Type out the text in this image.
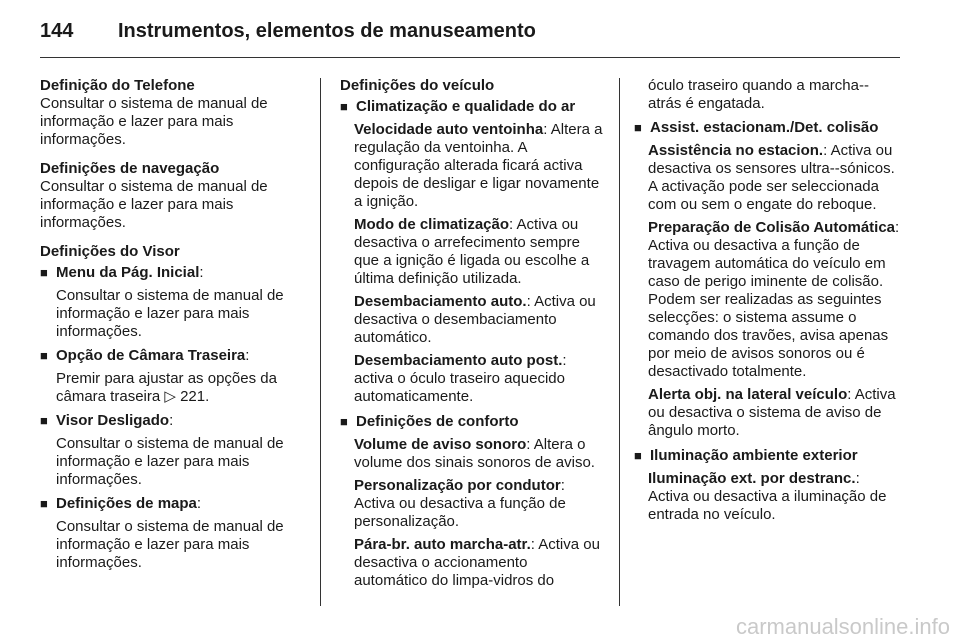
144 Instrumentos, elementos de manuseamento

Definição do Telefone

Consultar o sistema de manual de informação e lazer para mais informações.

Definições de navegação

Consultar o sistema de manual de informação e lazer para mais informações.

Definições do Visor

■ Menu da Pág. Inicial:

Consultar o sistema de manual de informação e lazer para mais informações.

■ Opção de Câmara Traseira:

Premir para ajustar as opções da câmara traseira ▷ 221.

■ Visor Desligado:

Consultar o sistema de manual de informação e lazer para mais informações.

■ Definições de mapa:

Consultar o sistema de manual de informação e lazer para mais informações.

Definições do veículo

■ Climatização e qualidade do ar

Velocidade auto ventoinha: Altera a regulação da ventoinha. A configuração alterada ficará activa depois de desligar e ligar novamente a ignição.

Modo de climatização: Activa ou desactiva o arrefecimento sempre que a ignição é ligada ou escolhe a última definição utilizada.

Desembaciamento auto.: Activa ou desactiva o desembaciamento automático.

Desembaciamento auto post.: activa o óculo traseiro aquecido automaticamente.

■ Definições de conforto

Volume de aviso sonoro: Altera o volume dos sinais sonoros de aviso.

Personalização por condutor: Activa ou desactiva a função de personalização.

Pára-br. auto marcha-atr.: Activa ou desactiva o accionamento automático do limpa-vidros do

óculo traseiro quando a marcha--atrás é engatada.

■ Assist. estacionam./Det. colisão

Assistência no estacion.: Activa ou desactiva os sensores ultra--sónicos. A activação pode ser seleccionada com ou sem o engate do reboque.

Preparação de Colisão Automática: Activa ou desactiva a função de travagem automática do veículo em caso de perigo iminente de colisão. Podem ser realizadas as seguintes selecções: o sistema assume o comando dos travões, avisa apenas por meio de avisos sonoros ou é desactivado totalmente.

Alerta obj. na lateral veículo: Activa ou desactiva o sistema de aviso de ângulo morto.

■ Iluminação ambiente exterior

Iluminação ext. por destranc.: Activa ou desactiva a iluminação de entrada no veículo.

carmanualsonline.info
